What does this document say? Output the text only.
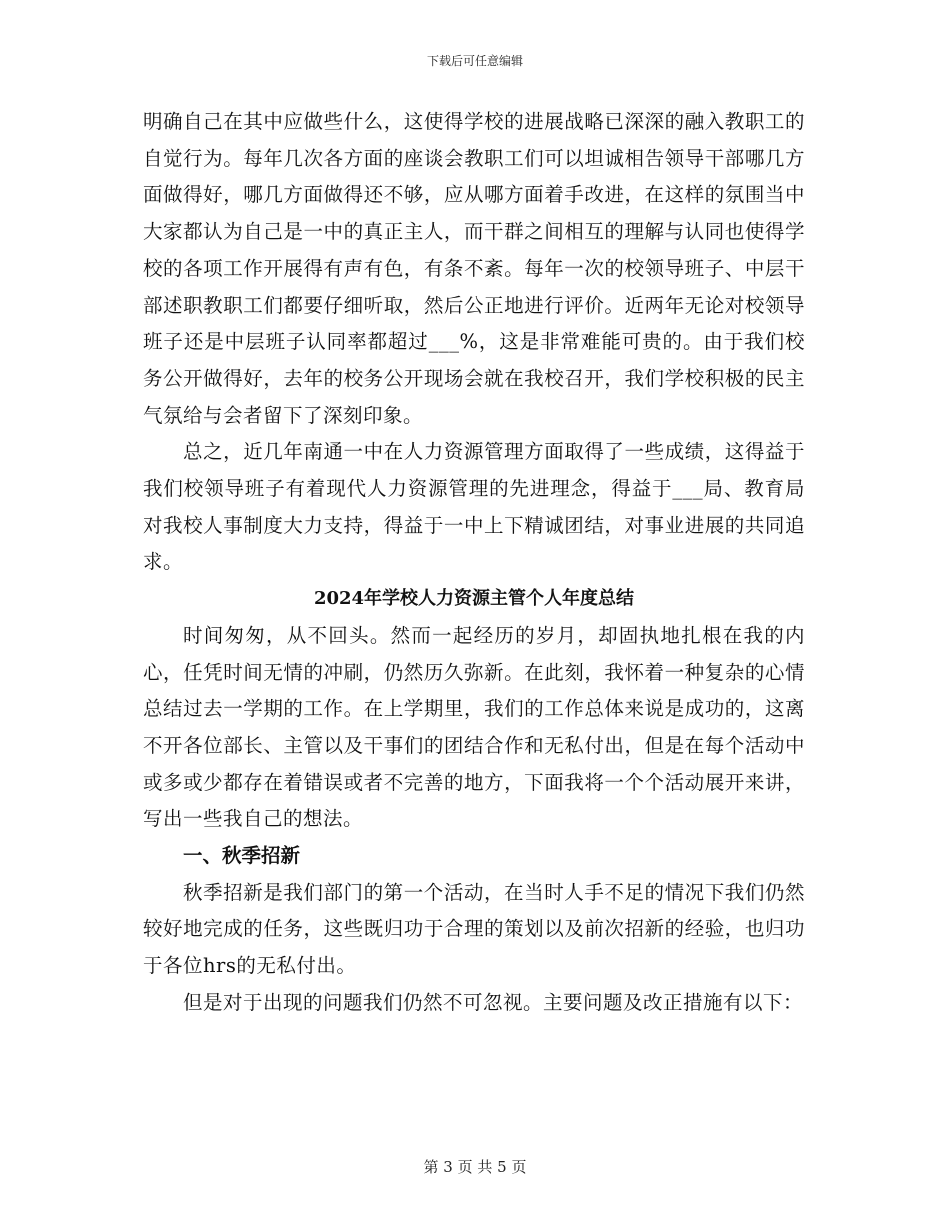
下载后可任意编辑

明确自己在其中应做些什么，这使得学校的进展战略已深深的融入教职工的自觉行为。每年几次各方面的座谈会教职工们可以坦诚相告领导干部哪几方面做得好，哪几方面做得还不够，应从哪方面着手改进，在这样的氛围当中大家都认为自己是一中的真正主人，而干群之间相互的理解与认同也使得学校的各项工作开展得有声有色，有条不紊。每年一次的校领导班子、中层干部述职教职工们都要仔细听取，然后公正地进行评价。近两年无论对校领导班子还是中层班子认同率都超过___%，这是非常难能可贵的。由于我们校务公开做得好，去年的校务公开现场会就在我校召开，我们学校积极的民主气氛给与会者留下了深刻印象。

总之，近几年南通一中在人力资源管理方面取得了一些成绩，这得益于我们校领导班子有着现代人力资源管理的先进理念，得益于___局、教育局对我校人事制度大力支持，得益于一中上下精诚团结，对事业进展的共同追求。

2024年学校人力资源主管个人年度总结

时间匆匆，从不回头。然而一起经历的岁月，却固执地扎根在我的内心，任凭时间无情的冲刷，仍然历久弥新。在此刻，我怀着一种复杂的心情总结过去一学期的工作。在上学期里，我们的工作总体来说是成功的，这离不开各位部长、主管以及干事们的团结合作和无私付出，但是在每个活动中或多或少都存在着错误或者不完善的地方，下面我将一个个活动展开来讲，写出一些我自己的想法。

一、秋季招新

秋季招新是我们部门的第一个活动，在当时人手不足的情况下我们仍然较好地完成的任务，这些既归功于合理的策划以及前次招新的经验，也归功于各位hrs的无私付出。

但是对于出现的问题我们仍然不可忽视。主要问题及改正措施有以下：

第 3 页 共 5 页
